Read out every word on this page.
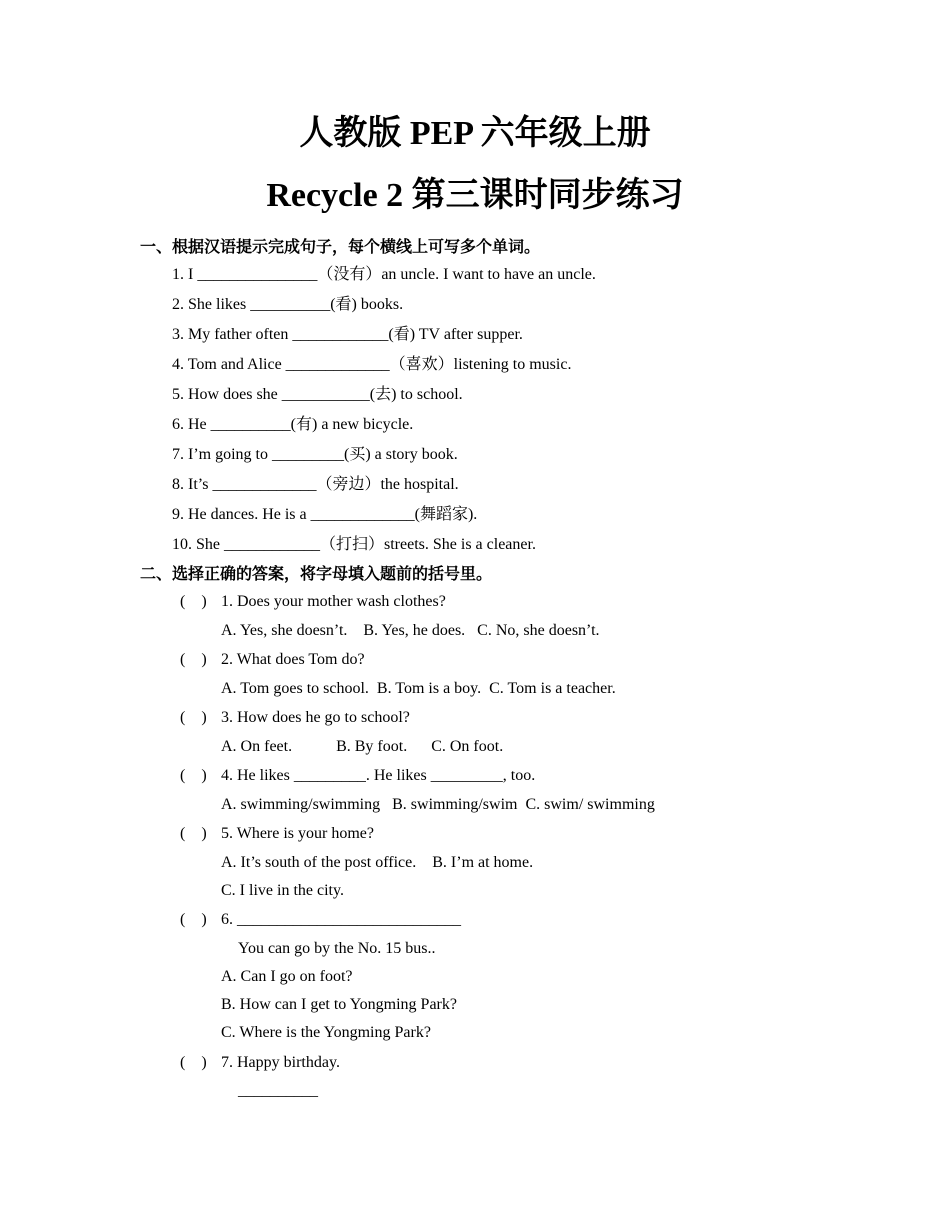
人教版 PEP 六年级上册
Recycle 2 第三课时同步练习
一、根据汉语提示完成句子，每个横线上可写多个单词。
1. I _______________（没有）an uncle. I want to have an uncle.
2. She likes __________(看) books.
3. My father often ____________(看) TV after supper.
4. Tom and Alice _____________（喜欢）listening to music.
5. How does she ___________(去) to school.
6. He __________(有) a new bicycle.
7. I’m going to _________(买) a story book.
8. It’s _____________（旁边）the hospital.
9. He dances. He is a _____________(舞蹈家).
10. She ____________（打扫）streets. She is a cleaner.
二、选择正确的答案，将字母填入题前的括号里。
(　) 1. Does your mother wash clothes?
A. Yes, she doesn’t.    B. Yes, he does.   C. No, she doesn’t.
(　) 2. What does Tom do?
A. Tom goes to school.  B. Tom is a boy.  C. Tom is a teacher.
(　) 3. How does he go to school?
A. On feet.           B. By foot.      C. On foot.
(　) 4. He likes _________. He likes _________, too.
A. swimming/swimming   B. swimming/swim  C. swim/ swimming
(　) 5. Where is your home?
A. It’s south of the post office.    B. I’m at home.
C. I live in the city.
(　) 6. ____________________________
You can go by the No. 15 bus..
A. Can I go on foot?
B. How can I get to Yongming Park?
C. Where is the Yongming Park?
(　) 7. Happy birthday.
__________
